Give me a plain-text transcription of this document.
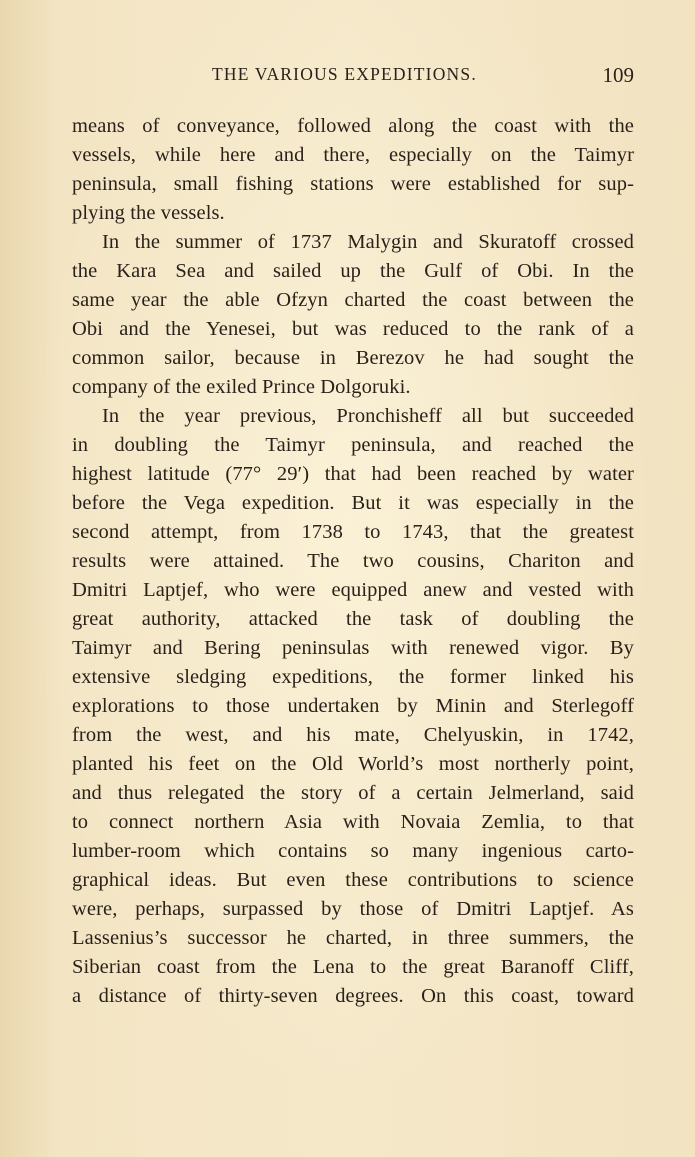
THE VARIOUS EXPEDITIONS.	109
means of conveyance, followed along the coast with the
vessels, while here and there, especially on the Taimyr
peninsula, small fishing stations were established for sup-
plying the vessels.
In the summer of 1737 Malygin and Skuratoff crossed
the Kara Sea and sailed up the Gulf of Obi. In the
same year the able Ofzyn charted the coast between the
Obi and the Yenesei, but was reduced to the rank of a
common sailor, because in Berezov he had sought the
company of the exiled Prince Dolgoruki.
In the year previous, Pronchisheff all but succeeded
in doubling the Taimyr peninsula, and reached the
highest latitude (77° 29′) that had been reached by water
before the Vega expedition. But it was especially in the
second attempt, from 1738 to 1743, that the greatest
results were attained. The two cousins, Chariton and
Dmitri Laptjef, who were equipped anew and vested with
great authority, attacked the task of doubling the
Taimyr and Bering peninsulas with renewed vigor. By
extensive sledging expeditions, the former linked his
explorations to those undertaken by Minin and Sterlegoff
from the west, and his mate, Chelyuskin, in 1742,
planted his feet on the Old World’s most northerly point,
and thus relegated the story of a certain Jelmerland, said
to connect northern Asia with Novaia Zemlia, to that
lumber-room which contains so many ingenious carto-
graphical ideas. But even these contributions to science
were, perhaps, surpassed by those of Dmitri Laptjef. As
Lassenius’s successor he charted, in three summers, the
Siberian coast from the Lena to the great Baranoff Cliff,
a distance of thirty-seven degrees. On this coast, toward
